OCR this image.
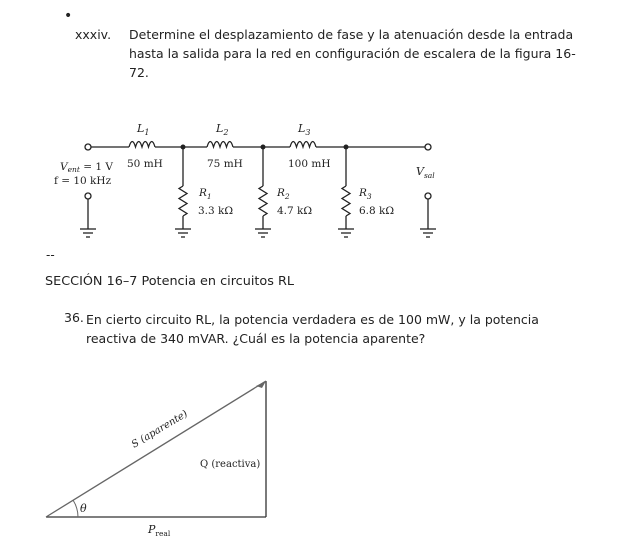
•
xxxiv. Determine el desplazamiento de fase y la atenuación desde la entrada hasta la salida para la red en configuración de escalera de la figura 16-72.
$L_1$	$L_2$	$L_3$
50 mH	75 mH	100 mH
Vent = 1 V
f = 10 kHz
$V_{sal}$
$R_1$
3.3 kΩ
$R_2$
4.7 kΩ
$R_3$
6.8 kΩ
S (aparente)
Q (reactiva)
θ
$P_{real}$
--
SECCIÓN 16–7 Potencia en circuitos RL
36. En cierto circuito RL, la potencia verdadera es de 100 mW, y la potencia reactiva de 340 mVAR. ¿Cuál es la potencia aparente?
